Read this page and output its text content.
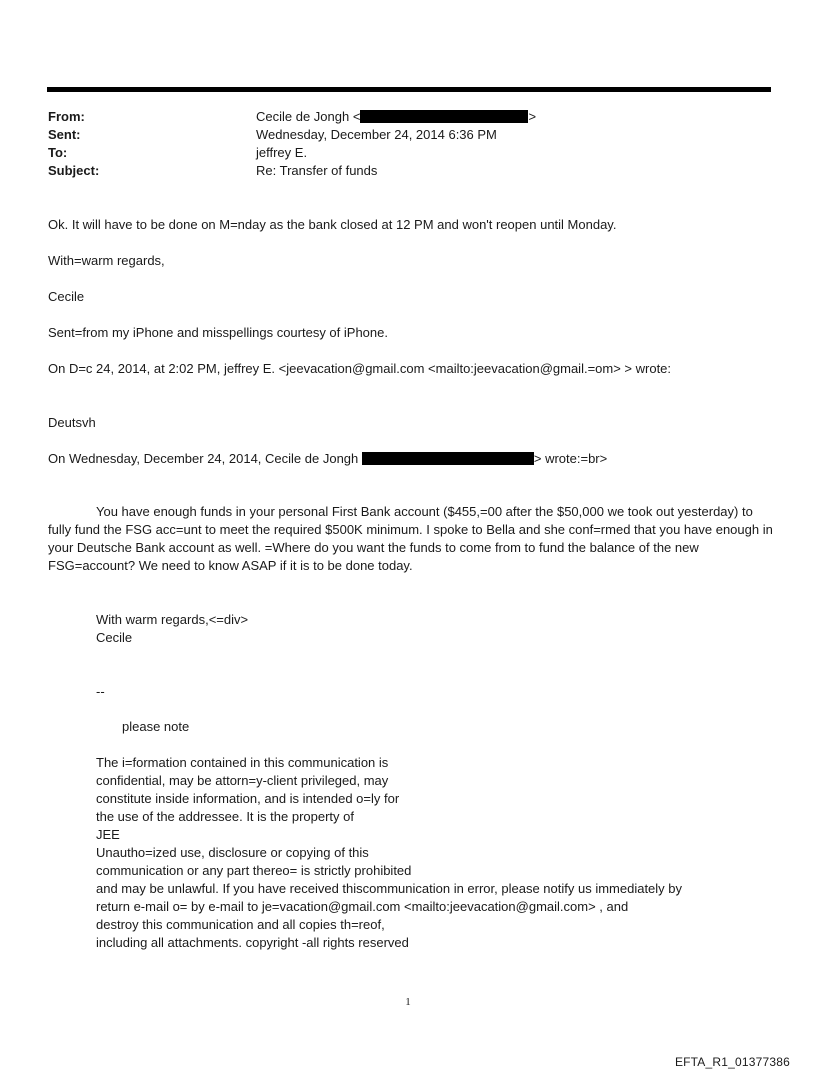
From:	Cecile de Jongh <	>
Sent:	Wednesday, December 24, 2014 6:36 PM
To:	jeffrey E.
Subject:	Re: Transfer of funds
Ok. It will have to be done on M=nday as the bank closed at 12 PM and won't reopen until Monday.
With=warm regards,
Cecile
Sent=from my iPhone and misspellings courtesy of iPhone.
On D=c 24, 2014, at 2:02 PM, jeffrey E. <jeevacation@gmail.com <mailto:jeevacation@gmail.=om> > wrote:
Deutsvh
On Wednesday, December 24, 2014, Cecile de Jongh	> wrote:=br>
You have enough funds in your personal First Bank account ($455,=00 after the $50,000 we took out yesterday) to fully fund the FSG acc=unt to meet the required $500K minimum. I spoke to Bella and she conf=rmed that you have enough in your Deutsche Bank account as well. =Where do you want the funds to come from to fund the balance of the new FSG=account? We need to know ASAP if it is to be done today.
With warm regards,<=div>
Cecile
--
please note
The i=formation contained in this communication is
confidential, may be attorn=y-client privileged, may
constitute inside information, and is intended o=ly for
the use of the addressee. It is the property of
JEE
Unautho=ized use, disclosure or copying of this
communication or any part thereo= is strictly prohibited
and may be unlawful. If you have received thiscommunication in error, please notify us immediately by
return e-mail o= by e-mail to je=vacation@gmail.com <mailto:jeevacation@gmail.com> , and
destroy this communication and all copies th=reof,
including all attachments. copyright -all rights reserved
1
EFTA_R1_01377386
